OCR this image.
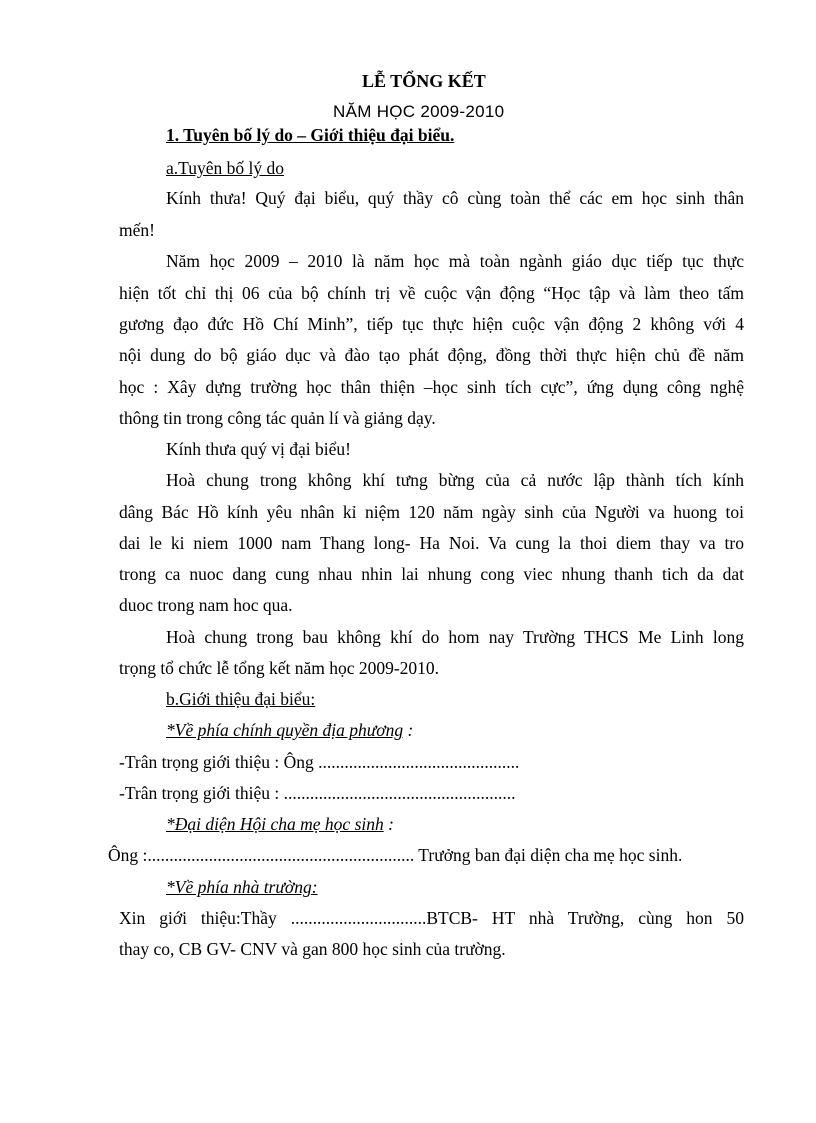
LỄ TỔNG KẾT
NĂM HỌC 2009-2010
1. Tuyên bố lý do – Giới thiệu đại biểu.
a.Tuyên bố lý do
Kính thưa! Quý đại biểu, quý thầy cô cùng toàn thể các em học sinh thân
mến!
Năm học 2009 – 2010 là năm học mà toàn ngành giáo dục tiếp tục thực
hiện tốt chỉ thị 06 của bộ chính trị về cuộc vận động “Học tập và làm theo tấm
gương đạo đức Hồ Chí Minh”, tiếp tục thực hiện cuộc vận động 2 không với 4
nội dung do bộ giáo dục và đào tạo phát động, đồng thời thực hiện chủ đề năm
học : Xây dựng trường học thân thiện –học sinh tích cực”, ứng dụng công nghệ
thông tin trong công tác quản lí và giảng dạy.
Kính thưa quý vị đại biểu!
Hoà chung trong không khí tưng bừng của cả nước lập thành tích kính
dâng Bác Hồ kính yêu nhân kỉ niệm 120 năm ngày sinh của Người va huong toi
dai le ki niem 1000 nam Thang long- Ha Noi. Va cung la thoi diem thay va tro
trong ca nuoc dang cung nhau nhin lai nhung cong viec nhung thanh tich da dat
duoc trong nam hoc qua.
Hoà chung trong bau không khí do hom nay Trường THCS Me Linh long
trọng tổ chức lễ tổng kết năm học 2009-2010.
b.Giới thiệu đại biểu:
*Về phía chính quyền địa phương :
-Trân trọng giới thiệu : Ông ..............................................
-Trân trọng giới thiệu : .....................................................
*Đại diện Hội cha mẹ học sinh :
Ông :............................................................. Trưởng ban đại diện cha mẹ học sinh.
*Về phía nhà trường:
Xin giới thiệu:Thầy ...............................BTCB- HT nhà Trường, cùng hon 50
thay co, CB GV- CNV và gan 800 học sinh của trường.
